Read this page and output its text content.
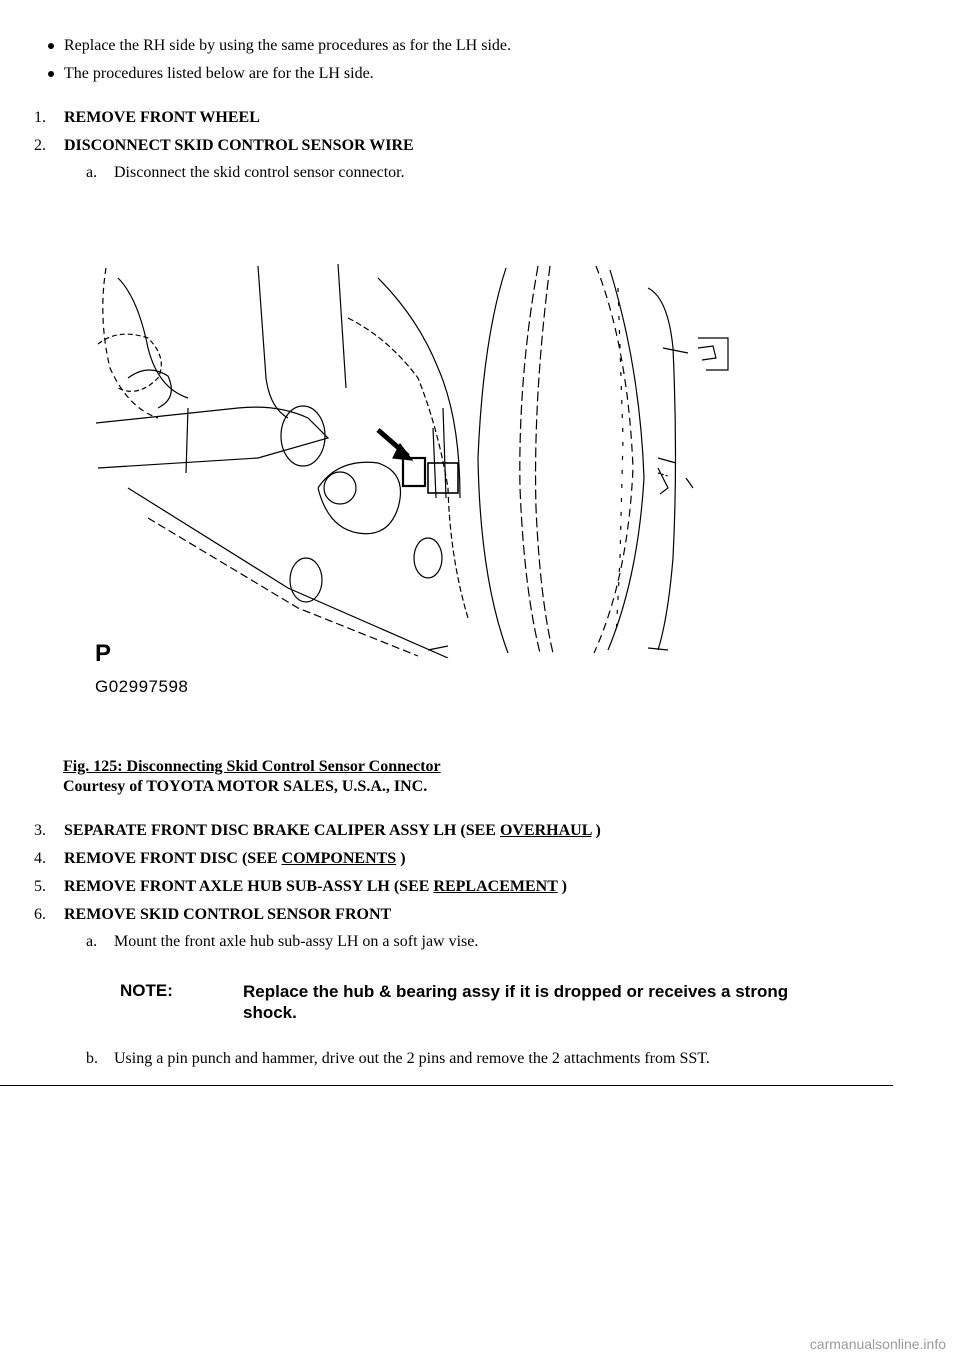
Replace the RH side by using the same procedures as for the LH side.
The procedures listed below are for the LH side.
1. REMOVE FRONT WHEEL
2. DISCONNECT SKID CONTROL SENSOR WIRE
a. Disconnect the skid control sensor connector.
P
G02997598
Fig. 125: Disconnecting Skid Control Sensor Connector
Courtesy of TOYOTA MOTOR SALES, U.S.A., INC.
3. SEPARATE FRONT DISC BRAKE CALIPER ASSY LH (SEE OVERHAUL )
4. REMOVE FRONT DISC (SEE COMPONENTS )
5. REMOVE FRONT AXLE HUB SUB-ASSY LH (SEE REPLACEMENT )
6. REMOVE SKID CONTROL SENSOR FRONT
a. Mount the front axle hub sub-assy LH on a soft jaw vise.
NOTE:	Replace the hub & bearing assy if it is dropped or receives a strong
shock.
b. Using a pin punch and hammer, drive out the 2 pins and remove the 2 attachments from SST.
carmanualsonline.info
